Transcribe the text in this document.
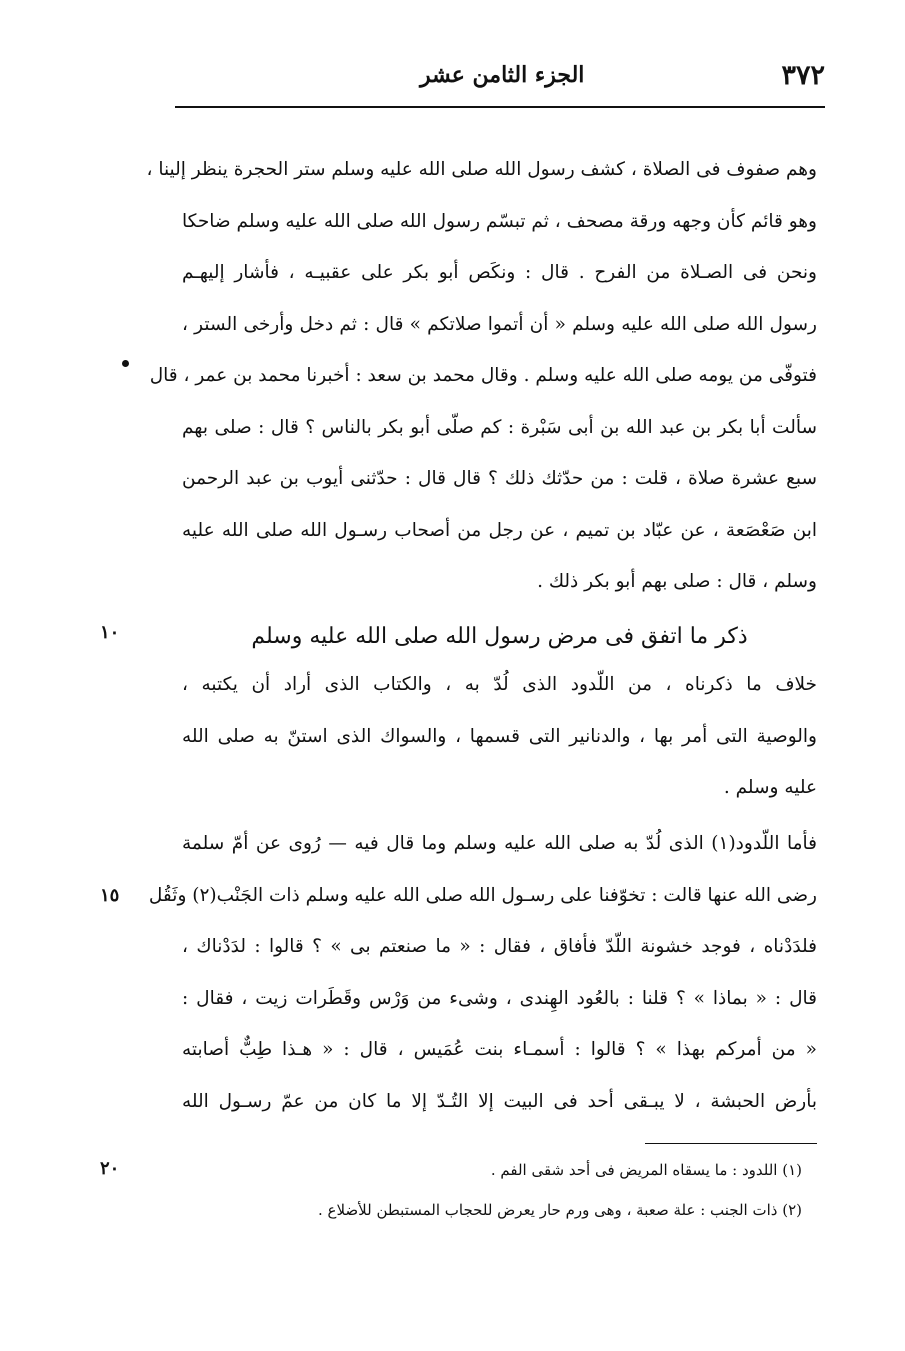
٣٧٢
الجزء الثامن عشر
١٠
١٥
٢٠
وهم صفوف فى الصلاة ، كشف رسول الله صلى الله عليه وسلم ستر الحجرة ينظر إلينا ،
وهو قائم كأن وجهه ورقة مصحف ، ثم تبسّم رسول الله صلى الله عليه وسلم ضاحكا
ونحن فى الصـلاة من الفرح . قال : ونكَص أبو بكر على عقبيـه ، فأشار إليهـم
رسول الله صلى الله عليه وسلم « أن أتموا صلاتكم » قال : ثم دخل وأرخى الستر ،
فتوفّى من يومه صلى الله عليه وسلم . وقال محمد بن سعد : أخبرنا محمد بن عمر ، قال
سألت أبا بكر بن عبد الله بن أبى سَبْرة : كم صلّى أبو بكر بالناس ؟ قال : صلى بهم
سبع عشرة صلاة ، قلت : من حدّثك ذلك ؟ قال قال : حدّثنى أيوب بن عبد الرحمن
ابن صَعْصَعة ، عن عبّاد بن تميم ، عن رجل من أصحاب رسـول الله صلى الله عليه
وسلم ، قال : صلى بهم أبو بكر ذلك .
ذكر ما اتفق فى مرض رسول الله صلى الله عليه وسلم
خلاف ما ذكرناه ، من اللّدود الذى لُدّ به ، والكتاب الذى أراد أن يكتبه ،
والوصية التى أمر بها ، والدنانير التى قسمها ، والسواك الذى استنّ به صلى الله
عليه وسلم .
فأما اللّدود(١) الذى لُدّ به صلى الله عليه وسلم وما قال فيه — رُوى عن أمّ سلمة
رضى الله عنها قالت : تخوّفنا على رسـول الله صلى الله عليه وسلم ذات الجَنْب(٢) وثَقُل
فلدَدْناه ، فوجد خشونة اللّدّ فأفاق ، فقال : « ما صنعتم بى » ؟ قالوا : لدَدْناك ،
قال : « بماذا » ؟ قلنا : بالعُود الهِندى ، وشىء من وَرْس وقَطَرات زيت ، فقال :
« من أمركم بهذا » ؟ قالوا : أسمـاء بنت عُمَيس ، قال : « هـذا طِبٌّ أصابته
بأرض الحبشة ، لا يبـقى أحد فى البيت إلا التُـدّ إلا ما كان من عمّ رسـول الله
(١) اللدود : ما يسقاه المريض فى أحد شقى الفم .
(٢) ذات الجنب : علة صعبة ، وهى ورم حار يعرض للحجاب المستبطن للأضلاع .
